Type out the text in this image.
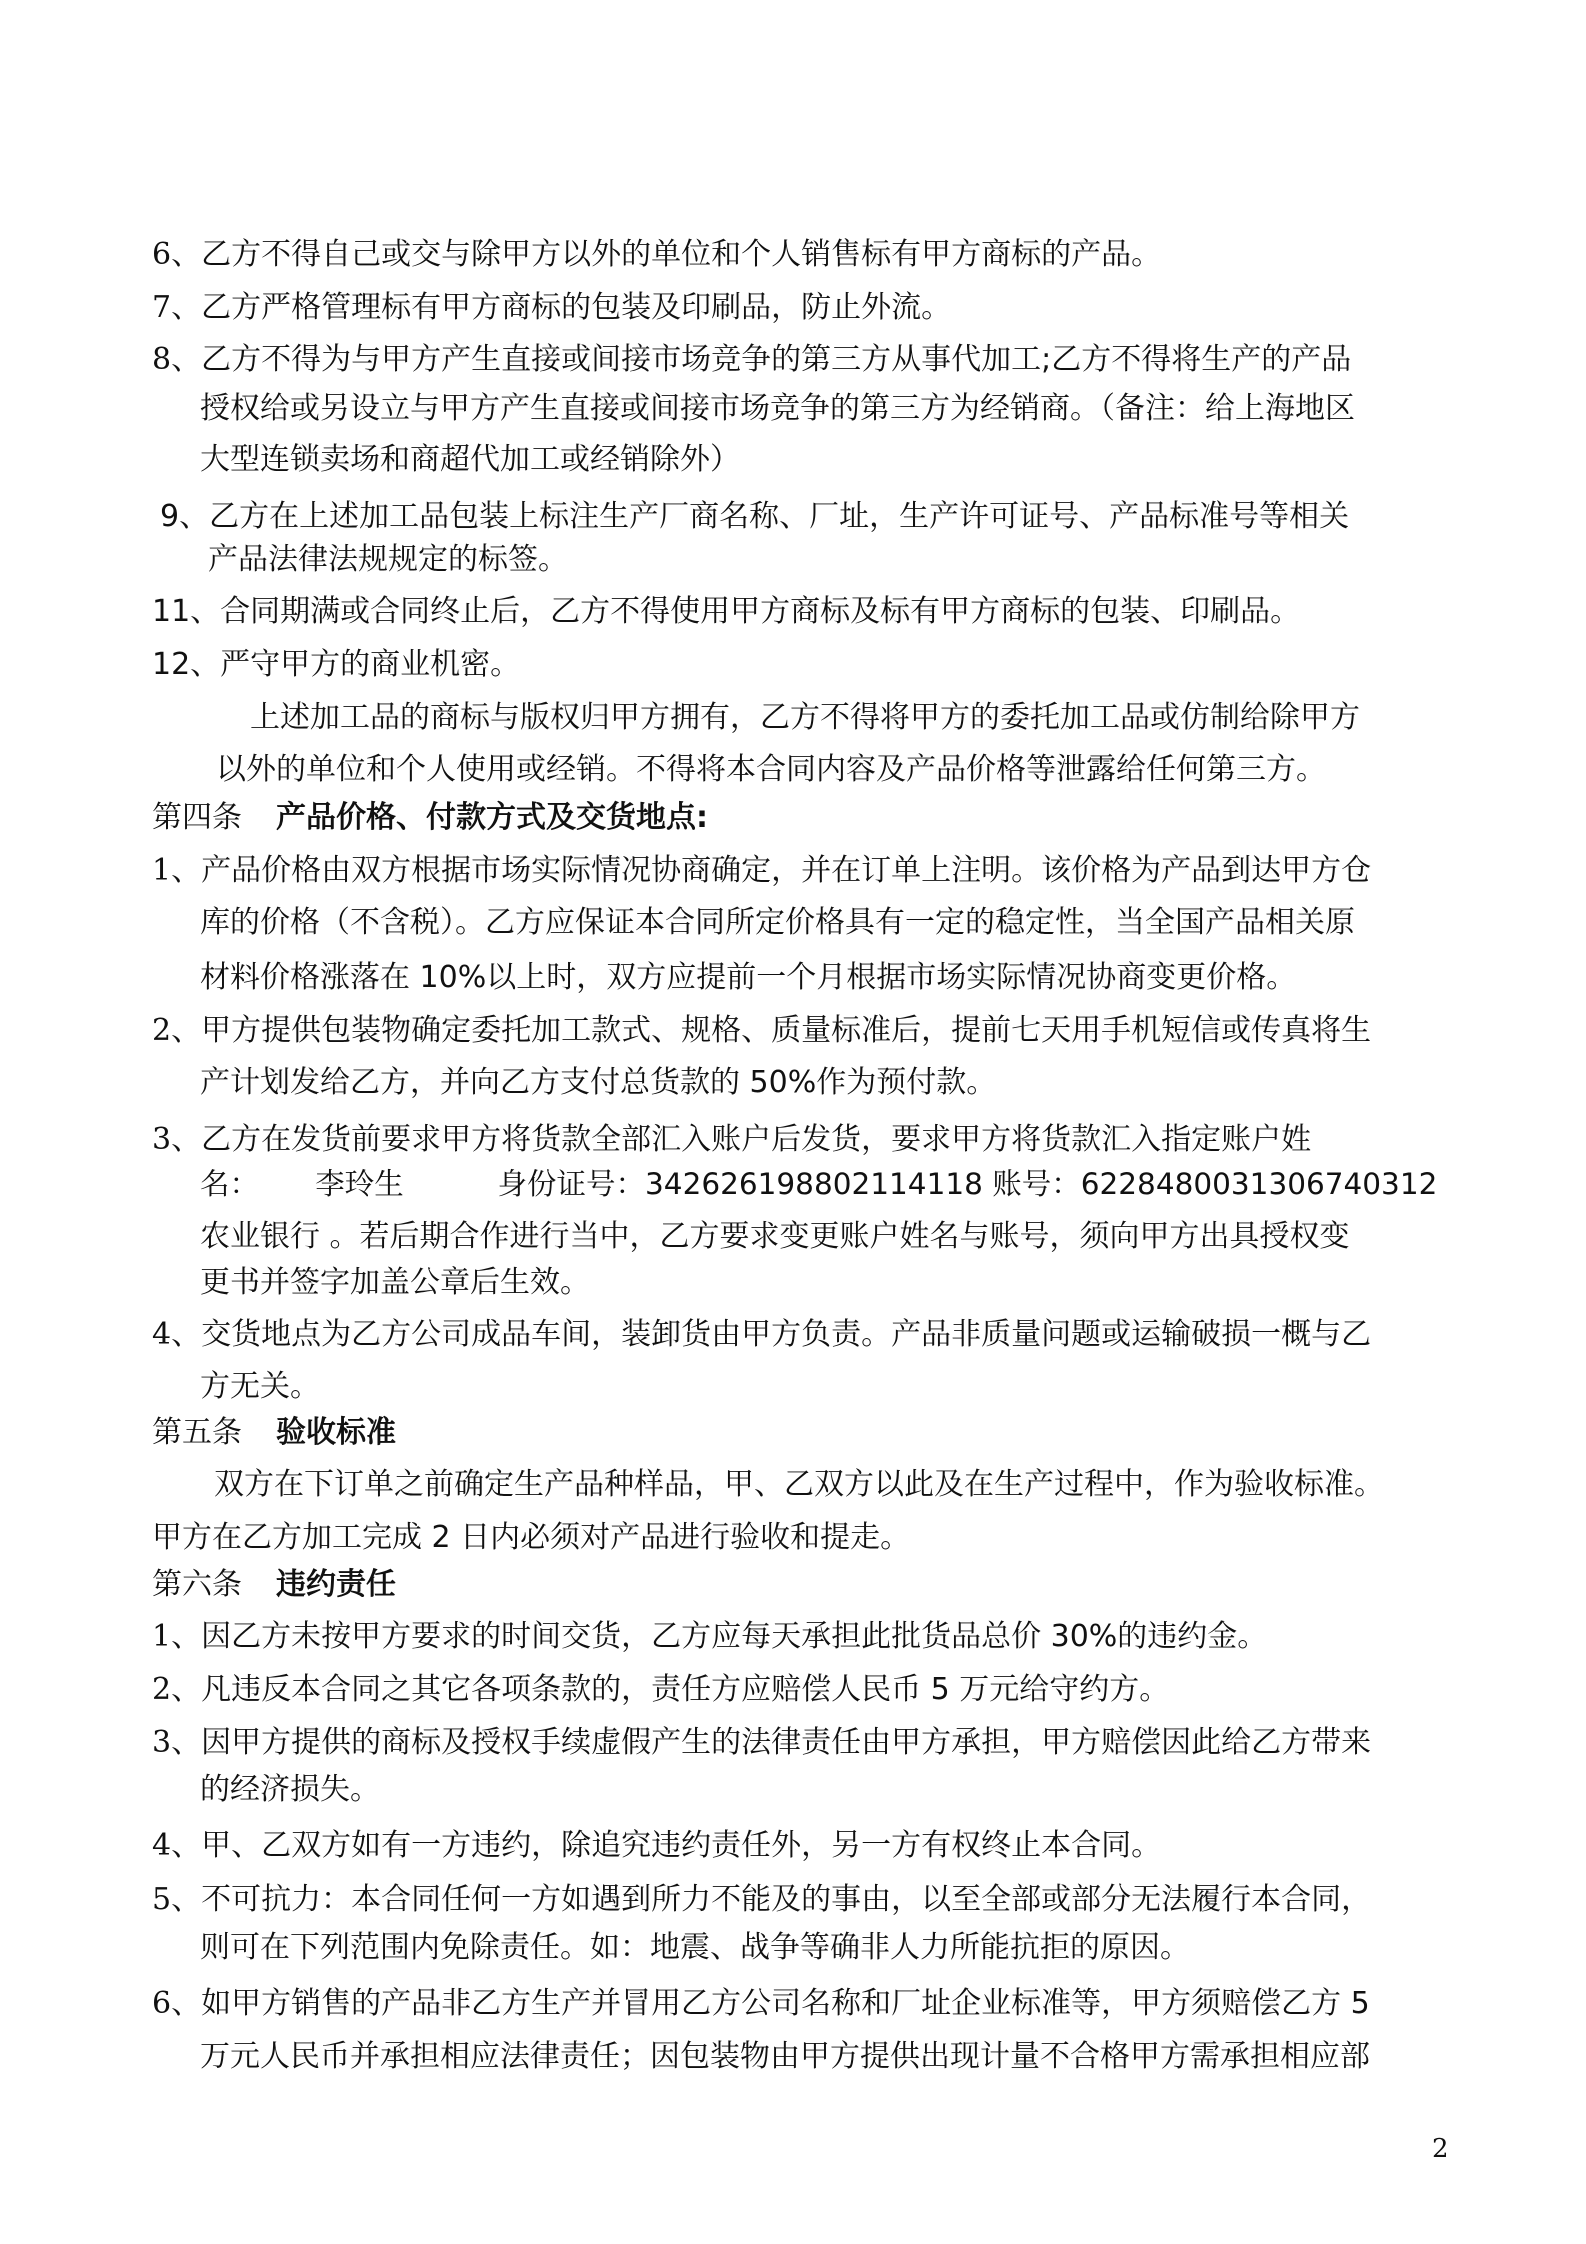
6、乙方不得自己或交与除甲方以外的单位和个人销售标有甲方商标的产品。
7、乙方严格管理标有甲方商标的包装及印刷品，防止外流。
8、乙方不得为与甲方产生直接或间接市场竞争的第三方从事代加工;乙方不得将生产的产品
授权给或另设立与甲方产生直接或间接市场竞争的第三方为经销商。（备注：给上海地区
大型连锁卖场和商超代加工或经销除外）
9、乙方在上述加工品包装上标注生产厂商名称、厂址，生产许可证号、产品标准号等相关
产品法律法规规定的标签。
11、合同期满或合同终止后，乙方不得使用甲方商标及标有甲方商标的包装、印刷品。
12、严守甲方的商业机密。
上述加工品的商标与版权归甲方拥有，乙方不得将甲方的委托加工品或仿制给除甲方
以外的单位和个人使用或经销。不得将本合同内容及产品价格等泄露给任何第三方。
第四条 产品价格、付款方式及交货地点:
1、产品价格由双方根据市场实际情况协商确定，并在订单上注明。该价格为产品到达甲方仓
库的价格（不含税）。乙方应保证本合同所定价格具有一定的稳定性，当全国产品相关原
材料价格涨落在 10%以上时，双方应提前一个月根据市场实际情况协商变更价格。
2、甲方提供包装物确定委托加工款式、规格、质量标准后，提前七天用手机短信或传真将生
产计划发给乙方，并向乙方支付总货款的 50%作为预付款。
3、乙方在发货前要求甲方将货款全部汇入账户后发货，要求甲方将货款汇入指定账户姓
名：      李玲生          身份证号：342626198802114118 账号：6228480031306740312
农业银行 。若后期合作进行当中，乙方要求变更账户姓名与账号，须向甲方出具授权变
更书并签字加盖公章后生效。
4、交货地点为乙方公司成品车间，装卸货由甲方负责。产品非质量问题或运输破损一概与乙
方无关。
第五条 验收标准
双方在下订单之前确定生产品种样品，甲、乙双方以此及在生产过程中，作为验收标准。
甲方在乙方加工完成 2 日内必须对产品进行验收和提走。
第六条 违约责任
1、因乙方未按甲方要求的时间交货，乙方应每天承担此批货品总价 30%的违约金。
2、凡违反本合同之其它各项条款的，责任方应赔偿人民币 5 万元给守约方。
3、因甲方提供的商标及授权手续虚假产生的法律责任由甲方承担，甲方赔偿因此给乙方带来
的经济损失。
4、甲、乙双方如有一方违约，除追究违约责任外，另一方有权终止本合同。
5、不可抗力：本合同任何一方如遇到所力不能及的事由，以至全部或部分无法履行本合同，
则可在下列范围内免除责任。如：地震、战争等确非人力所能抗拒的原因。
6、如甲方销售的产品非乙方生产并冒用乙方公司名称和厂址企业标准等，甲方须赔偿乙方 5
万元人民币并承担相应法律责任；因包装物由甲方提供出现计量不合格甲方需承担相应部
2
